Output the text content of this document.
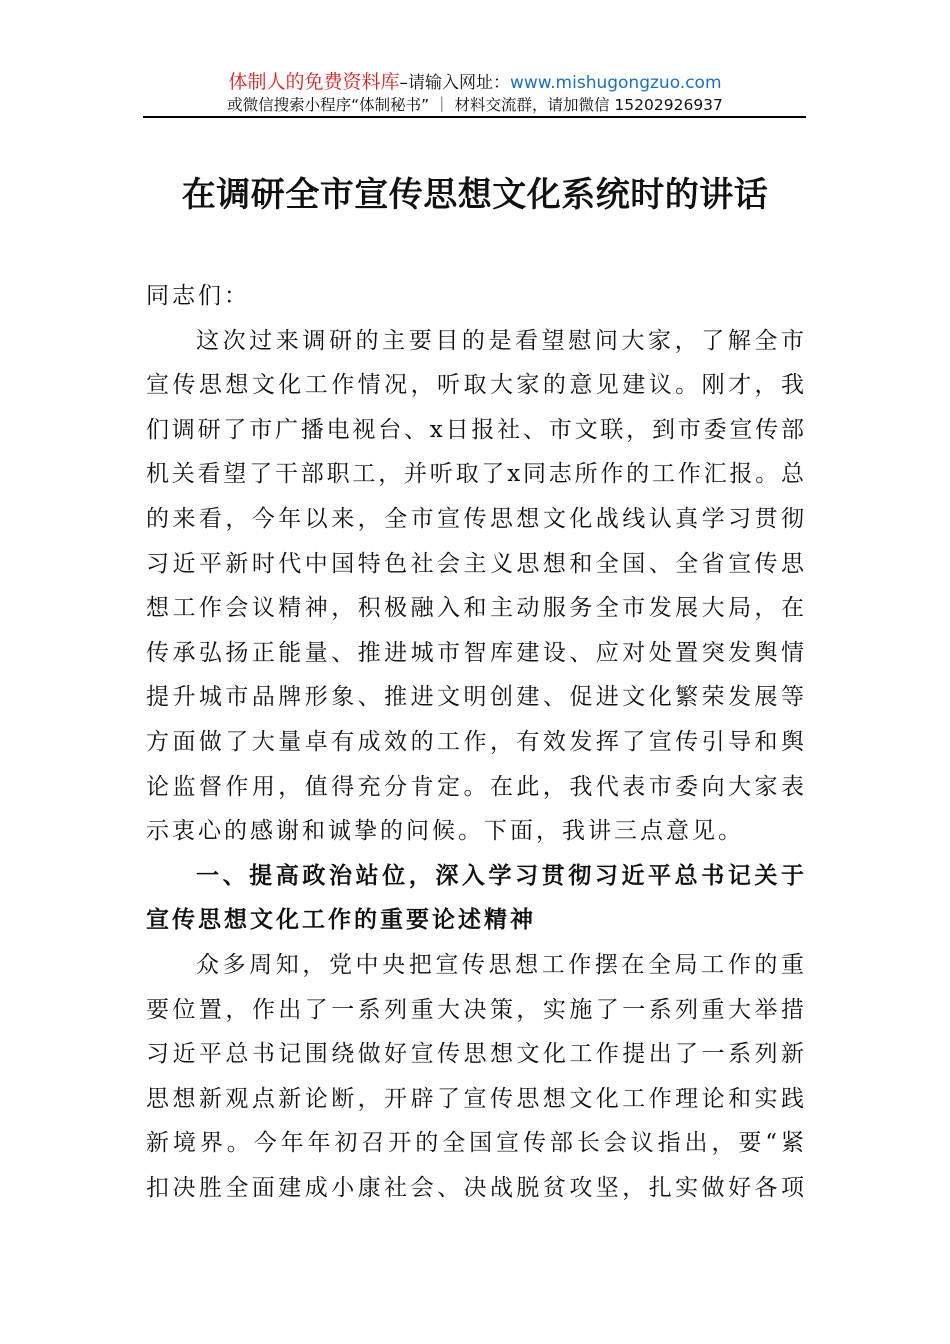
体制人的免费资料库–请输入网址：www.mishugongzuo.com
或微信搜索小程序“体制秘书” ｜ 材料交流群，请加微信 15202926937
在调研全市宣传思想文化系统时的讲话
同志们：
这次过来调研的主要目的是看望慰问大家，了解全市
宣传思想文化工作情况，听取大家的意见建议。刚才，我
们调研了市广播电视台、x日报社、市文联，到市委宣传部
机关看望了干部职工，并听取了x同志所作的工作汇报。总
的来看，今年以来，全市宣传思想文化战线认真学习贯彻
习近平新时代中国特色社会主义思想和全国、全省宣传思
想工作会议精神，积极融入和主动服务全市发展大局，在
传承弘扬正能量、推进城市智库建设、应对处置突发舆情
提升城市品牌形象、推进文明创建、促进文化繁荣发展等
方面做了大量卓有成效的工作，有效发挥了宣传引导和舆
论监督作用，值得充分肯定。在此，我代表市委向大家表
示衷心的感谢和诚挚的问候。下面，我讲三点意见。
一、提高政治站位，深入学习贯彻习近平总书记关于
宣传思想文化工作的重要论述精神
众多周知，党中央把宣传思想工作摆在全局工作的重
要位置，作出了一系列重大决策，实施了一系列重大举措
习近平总书记围绕做好宣传思想文化工作提出了一系列新
思想新观点新论断，开辟了宣传思想文化工作理论和实践
新境界。今年年初召开的全国宣传部长会议指出，要“紧
扣决胜全面建成小康社会、决战脱贫攻坚，扎实做好各项
